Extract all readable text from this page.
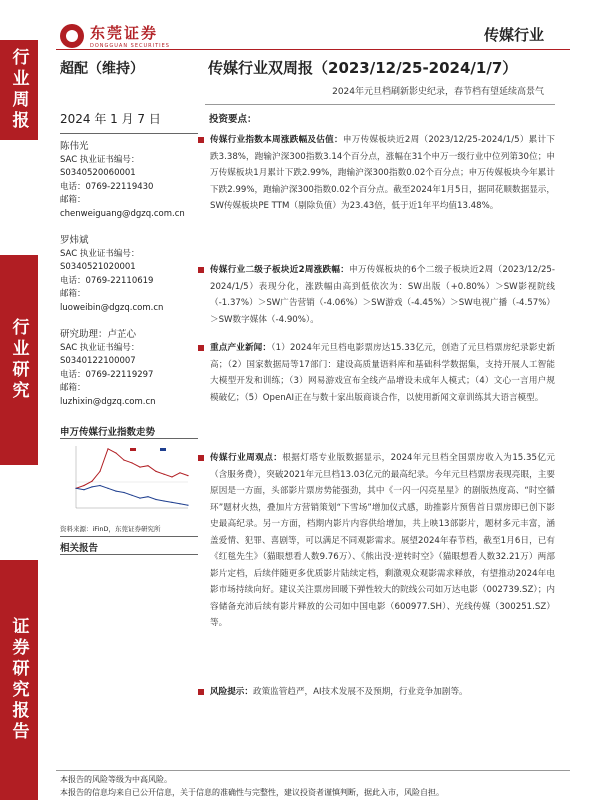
行业周报
行业研究
证券研究报告
东莞证券
DONGGUAN SECURITIES
传媒行业
超配（维持）	传媒行业双周报（2023/12/25-2024/1/7）
2024年元旦档刷新影史纪录，春节档有望延续高景气
2024 年 1 月 7 日
陈伟光
SAC 执业证书编号：
S0340520060001
电话：0769-22119430
邮箱：
chenweiguang@dgzq.com.cn
罗炜斌
SAC 执业证书编号：
S0340521020001
电话：0769-22110619
邮箱：
luoweibin@dgzq.com.cn
研究助理：卢芷心
SAC 执业证书编号：
S0340122100007
电话：0769-22119297
邮箱：
luzhixin@dgzq.com.cn
申万传媒行业指数走势
资料来源：iFinD，东莞证券研究所
相关报告
投资要点：
传媒行业指数本周涨跌幅及估值：申万传媒板块近2周（2023/12/25-2024/1/5）累计下跌3.38%，跑输沪深300指数3.14个百分点，涨幅在31个申万一级行业中位列第30位；申万传媒板块1月累计下跌2.99%，跑输沪深300指数0.02个百分点；申万传媒板块今年累计下跌2.99%，跑输沪深300指数0.02个百分点。截至2024年1月5日，据同花顺数据显示，SW传媒板块PE TTM（剔除负值）为23.43倍，低于近1年平均值13.48%。
传媒行业二级子板块近2周涨跌幅：申万传媒板块的6个二级子板块近2周（2023/12/25-2024/1/5）表现分化，涨跌幅由高到低依次为：SW出版（+0.80%）＞SW影视院线（-1.37%）＞SW广告营销（-4.06%）＞SW游戏（-4.45%）＞SW电视广播（-4.57%）＞SW数字媒体（-4.90%）。
重点产业新闻：（1）2024年元旦档电影票房达15.33亿元，创造了元旦档票房纪录影史新高；（2）国家数据局等17部门：建设高质量语料库和基础科学数据集，支持开展人工智能大模型开发和训练；（3）网易游戏宣布全线产品增设未成年人模式；（4）文心一言用户规模破亿；（5）OpenAI正在与数十家出版商谈合作，以使用新闻文章训练其大语言模型。
传媒行业周观点：根据灯塔专业版数据显示，2024年元旦档全国票房收入为15.35亿元（含服务费），突破2021年元旦档13.03亿元的最高纪录。今年元旦档票房表现亮眼，主要原因是一方面，头部影片票房势能强劲，其中《一闪一闪亮星星》的剧版热度高、“时空循环”题材火热，叠加片方营销策划“下雪场”增加仪式感，助推影片预售首日票房即已创下影史最高纪录。另一方面，档期内影片内容供给增加，共上映13部影片，题材多元丰富，涵盖爱情、犯罪、喜剧等，可以满足不同观影需求。展望2024年春节档，截至1月6日，已有《红毯先生》（猫眼想看人数9.76万）、《熊出没·逆转时空》（猫眼想看人数32.21万）两部影片定档，后续伴随更多优质影片陆续定档，剩激观众观影需求释放，有望推动2024年电影市场持续向好。建议关注票房回暖下弹性较大的院线公司如万达电影（002739.SZ）；内容储备充沛后续有影片释放的公司如中国电影（600977.SH）、光线传媒（300251.SZ）等。
风险提示：政策监管趋严，AI技术发展不及预期，行业竞争加剧等。
本报告的风险等级为中高风险。
本报告的信息均来自已公开信息，关于信息的准确性与完整性，建议投资者谨慎判断，据此入市，风险自担。
